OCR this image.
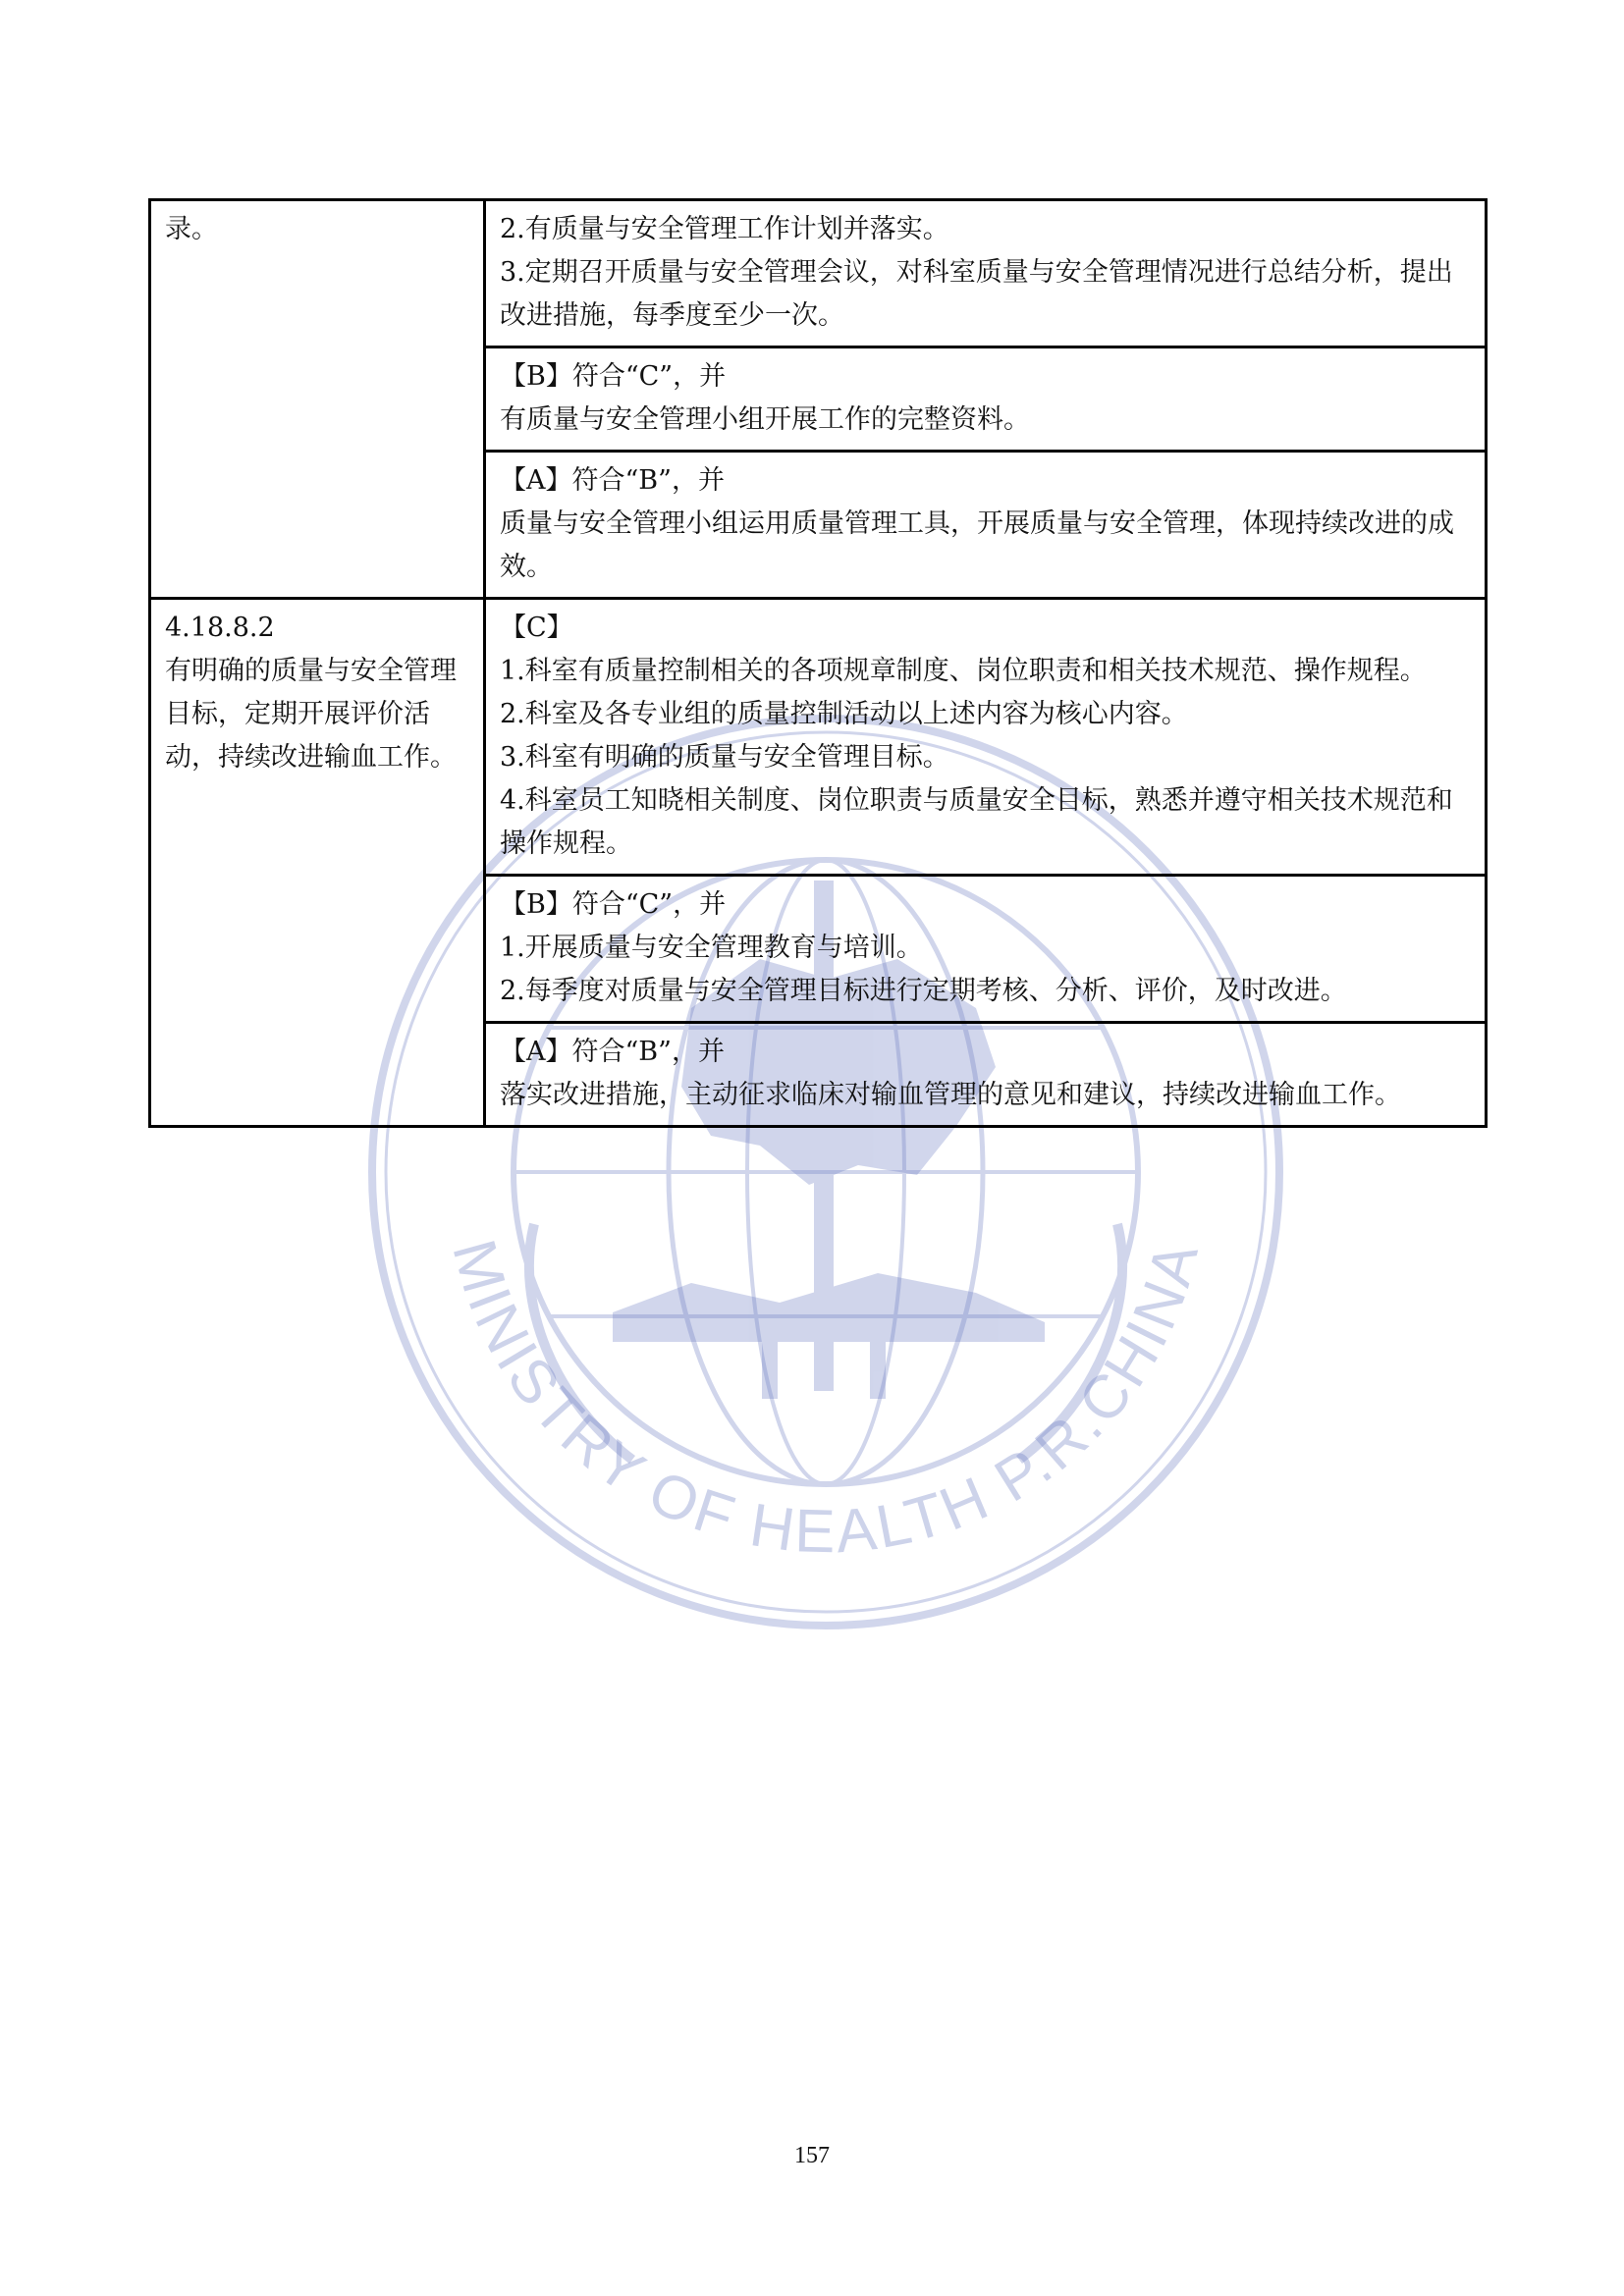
MINISTRY OF HEALTH P.R.CHINA
录。	2.有质量与安全管理工作计划并落实。
3.定期召开质量与安全管理会议，对科室质量与安全管理情况进行总结分析，提出改进措施，每季度至少一次。

	【B】符合“C”，并
有质量与安全管理小组开展工作的完整资料。

	【A】符合“B”，并
质量与安全管理小组运用质量管理工具，开展质量与安全管理，体现持续改进的成效。

4.18.8.2
有明确的质量与安全管理目标，定期开展评价活动，持续改进输血工作。	【C】
1.科室有质量控制相关的各项规章制度、岗位职责和相关技术规范、操作规程。
2.科室及各专业组的质量控制活动以上述内容为核心内容。
3.科室有明确的质量与安全管理目标。
4.科室员工知晓相关制度、岗位职责与质量安全目标，熟悉并遵守相关技术规范和操作规程。

	【B】符合“C”，并
1.开展质量与安全管理教育与培训。
2.每季度对质量与安全管理目标进行定期考核、分析、评价，及时改进。

	【A】符合“B”，并
落实改进措施，主动征求临床对输血管理的意见和建议，持续改进输血工作。
157
